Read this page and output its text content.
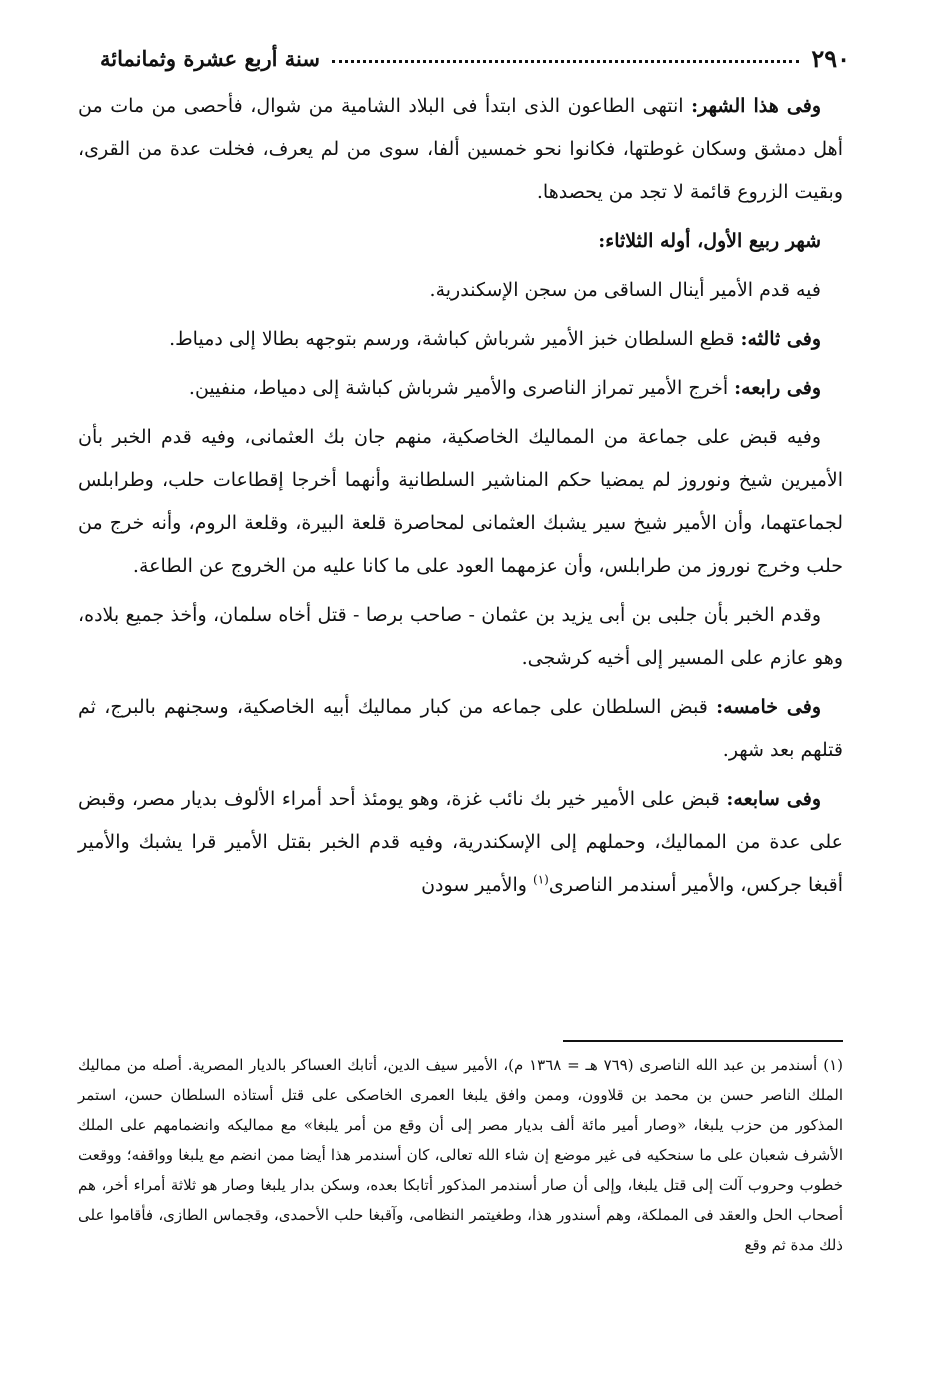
٢٩٠
سنة أربع عشرة وثمانمائة

وفى هذا الشهر: انتهى الطاعون الذى ابتدأ فى البلاد الشامية من شوال، فأحصى من مات من أهل دمشق وسكان غوطتها، فكانوا نحو خمسين ألفا، سوى من لم يعرف، فخلت عدة من القرى، وبقيت الزروع قائمة لا تجد من يحصدها.

شهر ربيع الأول، أوله الثلاثاء:

فيه قدم الأمير أينال الساقى من سجن الإسكندرية.

وفى ثالثه: قطع السلطان خبز الأمير شرباش كباشة، ورسم بتوجهه بطالا إلى دمياط.

وفى رابعه: أخرج الأمير تمراز الناصرى والأمير شرباش كباشة إلى دمياط، منفيين.

وفيه قبض على جماعة من المماليك الخاصكية، منهم جان بك العثمانى، وفيه قدم الخبر بأن الأميرين شيخ ونوروز لم يمضيا حكم المناشير السلطانية وأنهما أخرجا إقطاعات حلب، وطرابلس لجماعتهما، وأن الأمير شيخ سير يشبك العثمانى لمحاصرة قلعة البيرة، وقلعة الروم، وأنه خرج من حلب وخرج نوروز من طرابلس، وأن عزمهما العود على ما كانا عليه من الخروج عن الطاعة.

وقدم الخبر بأن جلبى بن أبى يزيد بن عثمان - صاحب برصا - قتل أخاه سلمان، وأخذ جميع بلاده، وهو عازم على المسير إلى أخيه كرشجى.

وفى خامسه: قبض السلطان على جماعه من كبار مماليك أبيه الخاصكية، وسجنهم بالبرج، ثم قتلهم بعد شهر.

وفى سابعه: قبض على الأمير خير بك نائب غزة، وهو يومئذ أحد أمراء الألوف بديار مصر، وقبض على عدة من المماليك، وحملهم إلى الإسكندرية، وفيه قدم الخبر بقتل الأمير قرا يشبك والأمير أقبغا جركس، والأمير أسندمر الناصرى$^{(١)}$ والأمير سودن

(١)أسندمر بن عبد الله الناصرى (٧٦٩ هـ = ١٣٦٨ م)، الأمير سيف الدين، أتابك العساكر بالديار المصرية. أصله من مماليك الملك الناصر حسن بن محمد بن قلاوون، وممن وافق يلبغا العمرى الخاصكى على قتل أستاذه السلطان حسن، استمر المذكور من حزب يلبغا، «وصار أمير مائة ألف بديار مصر إلى أن وقع من أمر يلبغا» مع مماليكه وانضمامهم على الملك الأشرف شعبان على ما سنحكيه فى غير موضع إن شاء الله تعالى، كان أسندمر هذا أيضا ممن انضم مع يلبغا وواقفه؛ ووقعت خطوب وحروب آلت إلى قتل يلبغا، وإلى أن صار أسندمر المذكور أتابكا بعده، وسكن بدار يلبغا وصار هو ثلاثة أمراء أخر، هم أصحاب الحل والعقد فى المملكة، وهم أسندور هذا، وطغيتمر النظامى، وآقبغا حلب الأحمدى، وقجماس الطازى، فأقاموا على ذلك مدة ثم وقع
